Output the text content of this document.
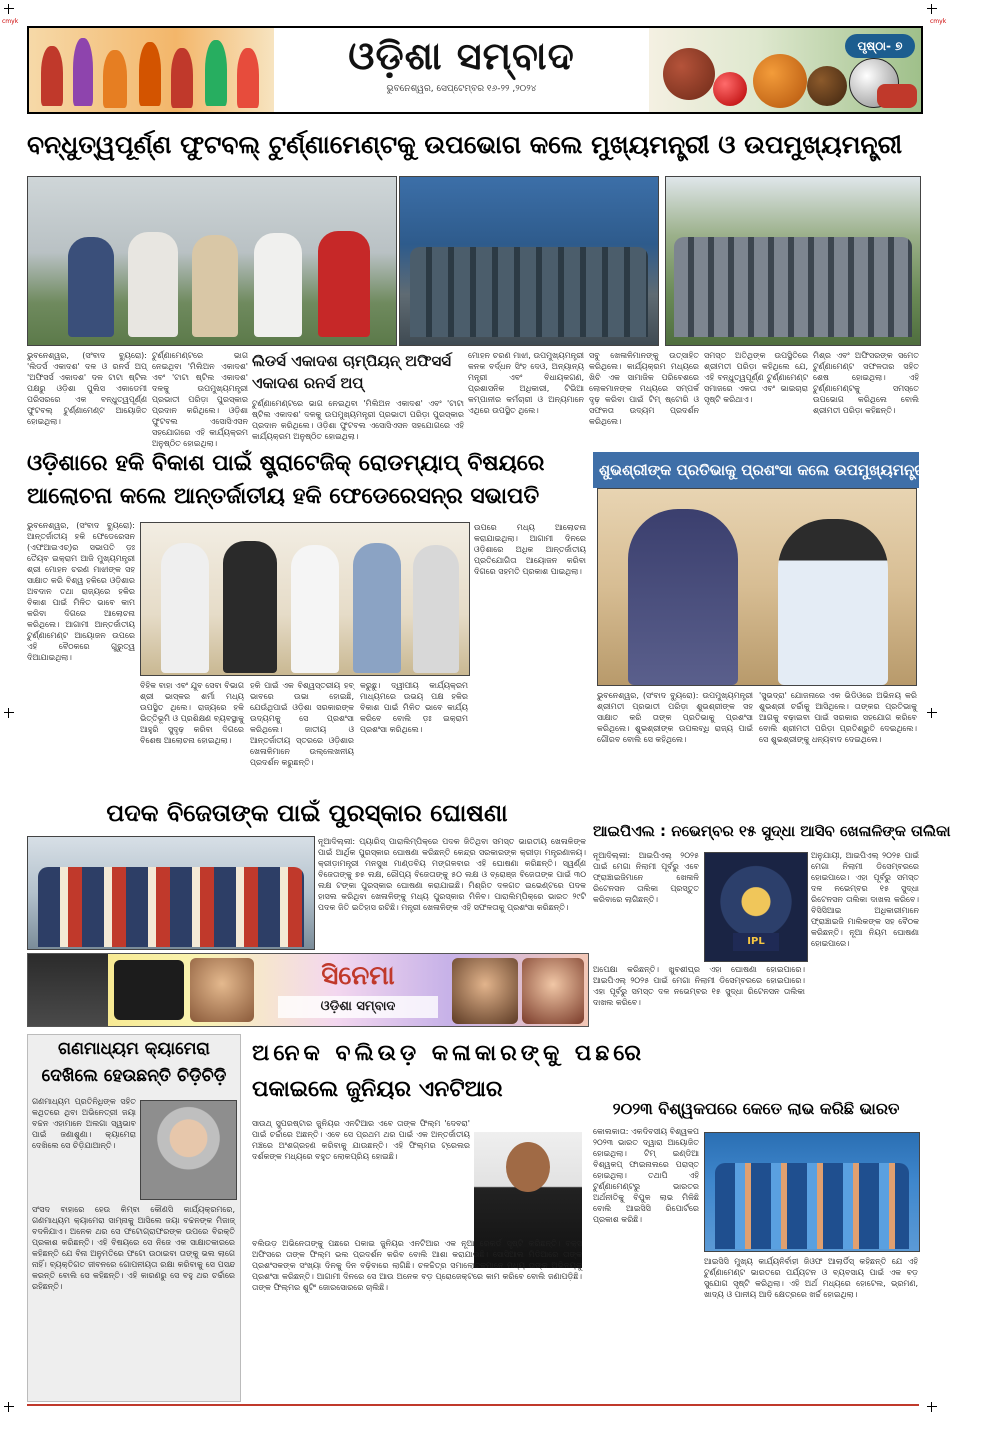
cmyk	cmyk
ଓଡ଼ିଶା ସମ୍ବାଦ
ଭୁବନେଶ୍ୱର, ସେପ୍ଟେମ୍ବର ୧୬-୨୨ ,୨୦୨୪
ପୃଷ୍ଠା- ୭
ବନ୍ଧୁତ୍ୱପୂର୍ଣ୍ଣ ଫୁଟବଲ୍ ଟୁର୍ଣ୍ଣାମେଣ୍ଟକୁ ଉପଭୋଗ କଲେ ମୁଖ୍ୟମନ୍ତ୍ରୀ ଓ ଉପମୁଖ୍ୟମନ୍ତ୍ରୀ
ଭୁବନେଶ୍ୱର, (ସଂବାଦ ବ୍ୟୁରୋ): 'ଲିଡର୍ସ ଏକାଦଶ' ଦଳ ଓ ରନର୍ସ ଅପ୍ 'ଅଫିସର୍ସ ଏକାଦଶ' ଦଳ ଟାଟା ଷ୍ଟିଲ ପକ୍ଷରୁ ଓଡ଼ିଶା ପୁଲିସ ଏକାଡେମୀ ପରିସରରେ ଏକ ବନ୍ଧୁତ୍ୱପୂର୍ଣ୍ଣ ଫୁଟବଲ୍ ଟୁର୍ଣ୍ଣାମେଣ୍ଟ ଆୟୋଜିତ ହୋଇଥିଲା।
ଲିଡର୍ସ ଏକାଦଶ ଚାମ୍ପିୟନ୍ ଅଫିସର୍ସ ଏକାଦଶ ରନର୍ସ ଅପ୍
ଟୁର୍ଣ୍ଣାମେଣ୍ଟରେ ଭାଗ ନେଇଥିବା 'ମିଲିଅନ ଏକାଦଶ' ଏବଂ 'ଟାଟା ଷ୍ଟିଲ ଏକାଦଶ' ଦଳକୁ ଉପମୁଖ୍ୟମନ୍ତ୍ରୀ ପ୍ରଭାତୀ ପରିଡ଼ା ପୁରସ୍କାର ପ୍ରଦାନ କରିଥିଲେ। ଓଡ଼ିଶା ଫୁଟବଲ ଏସୋସିଏସନ ସହଯୋଗରେ ଏହି କାର୍ଯ୍ୟକ୍ରମ ଅନୁଷ୍ଠିତ ହୋଇଥିଲା।
ଟୁର୍ଣ୍ଣାମେଣ୍ଟରେ ଭାଗ ନେଇଥିବା 'ମିଲିଅନ ଏକାଦଶ' ଏବଂ 'ଟାଟା ଷ୍ଟିଲ ଏକାଦଶ' ଦଳକୁ ଉପମୁଖ୍ୟମନ୍ତ୍ରୀ ପ୍ରଭାତୀ ପରିଡ଼ା ପୁରସ୍କାର ପ୍ରଦାନ କରିଥିଲେ। ଓଡ଼ିଶା ଫୁଟବଲ ଏସୋସିଏସନ ସହଯୋଗରେ ଏହି କାର୍ଯ୍ୟକ୍ରମ ଅନୁଷ୍ଠିତ ହୋଇଥିଲା।
ମୋହନ ଚରଣ ମାଝୀ, ଉପମୁଖ୍ୟମନ୍ତ୍ରୀ କନକ ବର୍ଦ୍ଧନ ସିଂହ ଦେଓ, ଅନ୍ୟାନ୍ୟ ମନ୍ତ୍ରୀ ଏବଂ ବିଧାୟକଗଣ, ପ୍ରଶାସନିକ ଅଧିକାରୀ, ଟିଭିଆ କମ୍ପାନୀର କର୍ମଚାରୀ ଓ ଅନ୍ୟମାନେ ଏଥିରେ ଉପସ୍ଥିତ ଥିଲେ।
ସବୁ ଖେଳାଳିମାନଙ୍କୁ ଉତ୍ସାହିତ କରିଥିଲେ। କାର୍ଯ୍ୟକ୍ରମ ମଧ୍ୟରେ ଖିଚି ଏକ ସାମାଜିକ ପରିବେଶରେ ଲୋକମାନଙ୍କ ମଧ୍ୟରେ ସମ୍ପର୍କ ଦୃଢ଼ କରିବା ପାଇଁ ଟିମ୍ ଷ୍ଟୋରି ଓ ସଫଳତା ଉଦ୍ୟମ ପ୍ରଦର୍ଶନ କରିଥିଲେ।
ସମସ୍ତ ଅତିଥିଙ୍କ ଉପସ୍ଥିତିରେ ଶ୍ରୀମତୀ ପରିଡ଼ା କହିଥିଲେ ଯେ, ଏହି ବନ୍ଧୁତ୍ୱପୂର୍ଣ୍ଣ ଟୁର୍ଣ୍ଣାମେଣ୍ଟ ସମାଜରେ ଏକତା ଏବଂ ଭାଇଚାରା ସୃଷ୍ଟି କରିଥାଏ।
ମିଶ୍ର ଏବଂ ଅଫିସରଙ୍କ ସମେତ ଟୁର୍ଣ୍ଣାମେଣ୍ଟ ସଫଳତାର ସହିତ ଶେଷ ହୋଇଥିଲା। ଏହି ଟୁର୍ଣ୍ଣାମେଣ୍ଟକୁ ସମସ୍ତେ ଉପଭୋଗ କରିଥିଲେ ବୋଲି ଶ୍ରୀମତୀ ପରିଡ଼ା କହିଛନ୍ତି।
ଓଡ଼ିଶାରେ ହକି ବିକାଶ ପାଇଁ ଷ୍ଟ୍ରାଟେଜିକ୍ ରୋଡମ୍ୟାପ୍ ବିଷୟରେ
ଆଲୋଚନା କଲେ ଆନ୍ତର୍ଜାତୀୟ ହକି ଫେଡେରେସନ୍‌ର ସଭାପତି
ଭୁବନେଶ୍ୱର, (ସଂବାଦ ବ୍ୟୁରୋ): ଆନ୍ତର୍ଜାତୀୟ ହକି ଫେଡେରେସନ (ଏଫଆଇଏଚ୍)ର ସଭାପତି ଡ଼ଃ ତୈୟବ ଇକ୍ରାମ ଆଜି ମୁଖ୍ୟମନ୍ତ୍ରୀ ଶ୍ରୀ ମୋହନ ଚରଣ ମାଝୀଙ୍କ ସହ ସାକ୍ଷାତ କରି ବିଶ୍ୱ ହକିରେ ଓଡ଼ିଶାର ଅବଦାନ ତଥା ରାଜ୍ୟରେ ହକିର ବିକାଶ ପାଇଁ ମିଳିତ ଭାବେ କାମ କରିବା ଦିଗରେ ଆଲୋଚନା କରିଥିଲେ। ଆଗାମୀ ଆନ୍ତର୍ଜାତୀୟ ଟୁର୍ଣ୍ଣାମେଣ୍ଟ ଆୟୋଜନ ଉପରେ ଏହି ବୈଠକରେ ଗୁରୁତ୍ୱ ଦିଆଯାଇଥିଲା।
ବିହିକ ବାହା ଏବଂ ଯୁବ ସେବା ବିଭାଗ ଶ୍ରୀ ଭାସ୍କର ଶର୍ମା ମଧ୍ୟ ଉପସ୍ଥିତ ଥିଲେ। ରାଜ୍ୟରେ ହକି ଭିତ୍ତିଭୂମି ଓ ପ୍ରଶିକ୍ଷଣ ବ୍ୟବସ୍ଥାକୁ ଆହୁରି ସୁଦୃଢ଼ କରିବା ଦିଗରେ ବିଶେଷ ଆଲୋଚନା ହୋଇଥିଲା।
ହକି ପାଇଁ ଏକ ବିଶ୍ୱସ୍ତରୀୟ ହବ୍ ଭାବରେ ଉଭା ହୋଇଛି, ଯେଉଁଥିପାଇଁ ଓଡ଼ିଶା ସରକାରଙ୍କ ଉଦ୍ୟମକୁ ସେ ପ୍ରଶଂସା କରିଥିଲେ। ଜାତୀୟ ଓ ଆନ୍ତର୍ଜାତୀୟ ସ୍ତରରେ ଓଡ଼ିଶାର ଖେଳାଳିମାନେ ଉଲ୍ଲେଖନୀୟ ପ୍ରଦର୍ଶନ କରୁଛନ୍ତି।
କରୁଛୁ। ଦ୍ୱୀପୀୟ କାର୍ଯ୍ୟକ୍ରମ ମାଧ୍ୟମରେ ଉଭୟ ପକ୍ଷ ହକିର ବିକାଶ ପାଇଁ ମିଳିତ ଭାବେ କାର୍ଯ୍ୟ କରିବେ ବୋଲି ଡ଼ଃ ଇକ୍ରାମ ପ୍ରଶଂସା କରିଥିଲେ।
ଉପରେ ମଧ୍ୟ ଆଲୋଚନା କରାଯାଇଥିଲା। ଆଗାମୀ ଦିନରେ ଓଡ଼ିଶାରେ ଅଧିକ ଆନ୍ତର୍ଜାତୀୟ ପ୍ରତିଯୋଗିତା ଆୟୋଜନ କରିବା ଦିଗରେ ସହମତି ପ୍ରକାଶ ପାଇଥିଲା।
ଶୁଭଶ୍ରୀଙ୍କ ପ୍ରତିଭାକୁ ପ୍ରଶଂସା କଲେ ଉପମୁଖ୍ୟମନ୍ତ୍ରୀ ପ୍ରଭାତୀ
ଭୁବନେଶ୍ୱର, (ସଂବାଦ ବ୍ୟୁରୋ): ଉପମୁଖ୍ୟମନ୍ତ୍ରୀ ଶ୍ରୀମତୀ ପ୍ରଭାତୀ ପରିଡ଼ା ଶୁଭଶ୍ରୀଙ୍କ ସହ ସାକ୍ଷାତ କରି ତାଙ୍କ ପ୍ରତିଭାକୁ ପ୍ରଶଂସା କରିଥିଲେ। ଶୁଭଶ୍ରୀଙ୍କ ଉପଲବ୍ଧି ରାଜ୍ୟ ପାଇଁ ଗୌରବ ବୋଲି ସେ କହିଥିଲେ।
'ସୁଭଦ୍ରା' ଯୋଜନାରେ ଏକ ଭିଡିଓରେ ଅଭିନୟ କରି ଶୁଭଶ୍ରୀ ଚର୍ଚ୍ଚାକୁ ଆସିଥିଲେ। ତାଙ୍କର ପ୍ରତିଭାକୁ ଆଗକୁ ବଢ଼ାଇବା ପାଇଁ ସରକାର ସହଯୋଗ କରିବେ ବୋଲି ଶ୍ରୀମତୀ ପରିଡ଼ା ପ୍ରତିଶ୍ରୁତି ଦେଇଥିଲେ। ସେ ଶୁଭଶ୍ରୀଙ୍କୁ ଧନ୍ୟବାଦ ଦେଇଥିଲେ।
ପଦକ ବିଜେତାଙ୍କ ପାଇଁ ପୁରସ୍କାର ଘୋଷଣା
ନୂଆଦିଲ୍ଲୀ: ପ୍ୟାରିସ୍ ପାରାଲିମ୍ପିକ୍‌ରେ ପଦକ ଜିତିଥିବା ସମସ୍ତ ଭାରତୀୟ ଖେଳାଳିଙ୍କ ପାଇଁ ଆର୍ଥିକ ପୁରସ୍କାର ଘୋଷଣା କରିଛନ୍ତି କେନ୍ଦ୍ର ସରକାରଙ୍କ କ୍ରୀଡ଼ା ମନ୍ତ୍ରଣାଳୟ। କ୍ରୀଡ଼ାମନ୍ତ୍ରୀ ମନସୁଖ ମାଣ୍ଡବିୟ ମଙ୍ଗଳବାର ଏହି ଘୋଷଣା କରିଛନ୍ତି। ସ୍ୱର୍ଣ୍ଣ ବିଜେତାଙ୍କୁ ୭୫ ଲକ୍ଷ, ରୌପ୍ୟ ବିଜେତାଙ୍କୁ ୫୦ ଲକ୍ଷ ଓ ବ୍ରୋଞ୍ଜ ବିଜେତାଙ୍କ ପାଇଁ ୩୦ ଲକ୍ଷ ଟଙ୍କା ପୁରସ୍କାର ଘୋଷଣା କରାଯାଇଛି। ମିଶ୍ରିତ ଦଳଗତ ଇଭେଣ୍ଟରେ ପଦକ ହାସଲ କରିଥିବା ଖେଳାଳିଙ୍କୁ ମଧ୍ୟ ପୁରସ୍କାର ମିଳିବ। ପାରାଲିମ୍ପିକ୍‌ରେ ଭାରତ ୨୯ଟି ପଦକ ଜିତି ଇତିହାସ ରଚିଛି। ମନ୍ତ୍ରୀ ଖେଳାଳିଙ୍କ ଏହି ସଫଳତାକୁ ପ୍ରଶଂସା କରିଛନ୍ତି।
ସିନେମା
ଓଡ଼ିଶା ସମ୍ବାଦ
ଗଣମାଧ୍ୟମ କ୍ୟାମେରା
ଦେଖିଲେ ହେଉଛନ୍ତି ଚିଡ଼ିଚିଡ଼ି
ଗଣମାଧ୍ୟମ ପ୍ରତିନିଧିଙ୍କ ସହିତ କଥିତରେ ଥିବା ଅଭିନେତ୍ରୀ ଜୟା ବଚ୍ଚନ ଏହାମାନେ ଅଲଗା ସ୍ୱଭାବ ପାଇଁ ଜଣାଶୁଣା। କ୍ୟାମେରା ଦେଖିଲେ ସେ ଚିଡ଼ିଯାଆନ୍ତି।
ସଂସଦ ବାହାରେ ହେଉ କିମ୍ବା କୌଣସି କାର୍ଯ୍ୟକ୍ରମରେ, ଗଣମାଧ୍ୟମ କ୍ୟାମେରା ସାମ୍ନାକୁ ଆସିଲେ ଜୟା ବଚ୍ଚନଙ୍କ ମିଜାଜ୍ ବଦଳିଯାଏ। ଅନେକ ଥର ସେ ଫଟୋଗ୍ରାଫରଙ୍କ ଉପରେ ବିରକ୍ତି ପ୍ରକାଶ କରିଛନ୍ତି। ଏହି ବିଷୟରେ ସେ ନିଜେ ଏକ ସାକ୍ଷାତକାରରେ କହିଛନ୍ତି ଯେ ବିନା ଅନୁମତିରେ ଫଟୋ ଉଠାଇବା ତାଙ୍କୁ ଭଲ ଲାଗେ ନାହିଁ। ବ୍ୟକ୍ତିଗତ ଜୀବନରେ ଗୋପନୀୟତା ରକ୍ଷା କରିବାକୁ ସେ ପସନ୍ଦ କରନ୍ତି ବୋଲି ସେ କହିଛନ୍ତି। ଏହି କାରଣରୁ ସେ ବହୁ ଥର ଚର୍ଚ୍ଚାରେ ରହିଛନ୍ତି।
ଅନେକ ବଲିଉଡ଼ କଳାକାରଙ୍କୁ ପଛରେ
ପକାଇଲେ ଜୁନିୟର ଏନଟିଆର
ସାଉଥ୍ ସୁପରଷ୍ଟାର ଜୁନିୟର ଏନଟିଆର ଏବେ ତାଙ୍କ ଫିଲ୍ମ 'ଦେବରା' ପାଇଁ ଚର୍ଚ୍ଚାରେ ଅଛନ୍ତି। ଏବେ ସେ ପ୍ରଥମ ଥର ପାଇଁ ଏକ ଅନ୍ତର୍ଜାତୀୟ ମଞ୍ଚରେ ଅଂଶଗ୍ରହଣ କରିବାକୁ ଯାଉଛନ୍ତି। ଏହି ଫିଲ୍ମର ଟ୍ରେଲର ଦର୍ଶକଙ୍କ ମଧ୍ୟରେ ବହୁତ ଲୋକପ୍ରିୟ ହୋଇଛି।
ବଲିଉଡ଼ ଅଭିନେତାଙ୍କୁ ପଛରେ ପକାଇ ଜୁନିୟର ଏନଟିଆର ଏକ ନୂଆ ରେକର୍ଡ ସୃଷ୍ଟି କରିଛନ୍ତି। ବକ୍ସ ଅଫିସରେ ତାଙ୍କ ଫିଲ୍ମ ଭଲ ପ୍ରଦର୍ଶନ କରିବ ବୋଲି ଆଶା କରାଯାଉଛି। ସୋସିଆଲ ମିଡିଆରେ ତାଙ୍କ ପ୍ରଶଂସକଙ୍କ ସଂଖ୍ୟା ଦିନକୁ ଦିନ ବଢ଼ିବାରେ ଲାଗିଛି। ଚଳଚ୍ଚିତ୍ର ସମାଲୋଚକମାନେ ମଧ୍ୟ ତାଙ୍କ ଅଭିନୟକୁ ପ୍ରଶଂସା କରିଛନ୍ତି। ଆଗାମୀ ଦିନରେ ସେ ଆଉ ଅନେକ ବଡ଼ ପ୍ରୋଜେକ୍ଟରେ କାମ କରିବେ ବୋଲି ଜଣାପଡ଼ିଛି। ତାଙ୍କ ଫିଲ୍ମର ଶୁଟିଂ ଜୋରସୋରରେ ଚାଲିଛି।
ଆଇପିଏଲ : ନଭେମ୍ବର ୧୫ ସୁଦ୍ଧା ଆସିବ ଖେଳାଳିଙ୍କ ତାଲିକା
ନୂଆଦିଲ୍ଲୀ: ଆଇପିଏଲ୍ ୨୦୨୫ ପାଇଁ ମେଗା ନିଲାମୀ ପୂର୍ବରୁ ଏବେ ଫ୍ରାଞ୍ଚାଇଜିମାନେ ଖେଳାଳି ରିଟେନସନ ତାଲିକା ପ୍ରସ୍ତୁତ କରିବାରେ ଲାଗିଛନ୍ତି।
IPL
ଅପେକ୍ଷା କରିଛନ୍ତି। ଖୁବଶୀଘ୍ର ଏହା ଘୋଷଣା ହୋଇପାରେ। ଆଇପିଏଲ୍ ୨୦୨୫ ପାଇଁ ମେଗା ନିଲାମୀ ଡିସେମ୍ବରରେ ହୋଇପାରେ। ଏହା ପୂର୍ବରୁ ସମସ୍ତ ଦଳ ନଭେମ୍ବର ୧୫ ସୁଦ୍ଧା ରିଟେନସନ ତାଲିକା ଦାଖଲ କରିବେ।
ଅନୁଯାୟୀ, ଆଇପିଏଲ୍ ୨୦୨୫ ପାଇଁ ମେଗା ନିଲାମୀ ଡିସେମ୍ବରରେ ହୋଇପାରେ। ଏହା ପୂର୍ବରୁ ସମସ୍ତ ଦଳ ନଭେମ୍ବର ୧୫ ସୁଦ୍ଧା ରିଟେନସନ ତାଲିକା ଦାଖଲ କରିବେ। ବିସିସିଆଇ ଅଧିକାରୀମାନେ ଫ୍ରାଞ୍ଚାଇଜି ମାଲିକଙ୍କ ସହ ବୈଠକ କରିଛନ୍ତି। ନୂଆ ନିୟମ ଘୋଷଣା ହୋଇପାରେ।
୨୦୨୩ ବିଶ୍ୱକପରେ କେତେ ଲାଭ କରିଛି ଭାରତ
କୋଲକାତା: ଏକଦିବସୀୟ ବିଶ୍ୱକପ ୨୦୨୩ ଭାରତ ଦ୍ୱାରା ଆୟୋଜିତ ହୋଇଥିଲା। ଟିମ୍ ଇଣ୍ଡିଆ ବିଶ୍ୱକପ୍ ଫାଇନାଲରେ ପରାସ୍ତ ହୋଇଥିଲା। ତଥାପି ଏହି ଟୁର୍ଣ୍ଣାମେଣ୍ଟରୁ ଭାରତର ଅର୍ଥନୀତିକୁ ବିପୁଳ ଲାଭ ମିଳିଛି ବୋଲି ଆଇସିସି ରିପୋର୍ଟରେ ପ୍ରକାଶ କରିଛି।
ଆଇସିସି ମୁଖ୍ୟ କାର୍ଯ୍ୟନିର୍ବାହୀ ଜିଓଫ ଆଲାର୍ଡିସ୍ କହିଛନ୍ତି ଯେ ଏହି ଟୁର୍ଣ୍ଣାମେଣ୍ଟ ଭାରତରେ ପର୍ଯ୍ୟଟନ ଓ ବ୍ୟବସାୟ ପାଇଁ ଏକ ବଡ଼ ସୁଯୋଗ ସୃଷ୍ଟି କରିଥିଲା। ଏହି ଅର୍ଥ ମଧ୍ୟରେ ହୋଟେଲ, ଭ୍ରମଣ, ଖାଦ୍ୟ ଓ ପାନୀୟ ଆଦି କ୍ଷେତ୍ରରେ ଖର୍ଚ୍ଚ ହୋଇଥିଲା।
